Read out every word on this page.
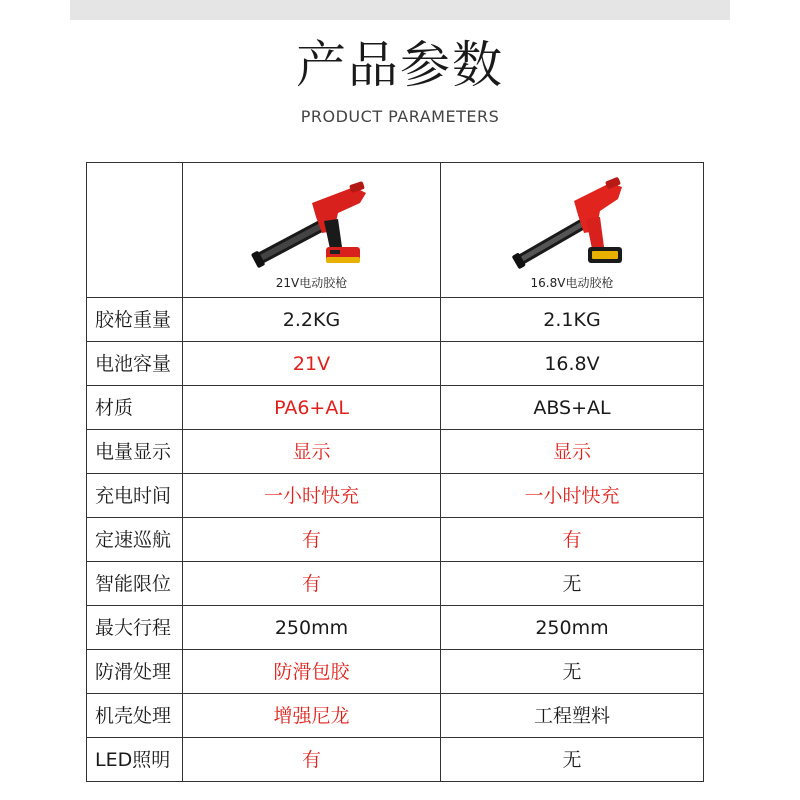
产品参数
PRODUCT PARAMETERS

	21V电动胶枪	16.8V电动胶枪

胶枪重量	2.2KG	2.1KG
电池容量	21V	16.8V
材质	PA6+AL	ABS+AL
电量显示	显示	显示
充电时间	一小时快充	一小时快充
定速巡航	有	有
智能限位	有	无
最大行程	250mm	250mm
防滑处理	防滑包胶	无
机壳处理	增强尼龙	工程塑料
LED照明	有	无
